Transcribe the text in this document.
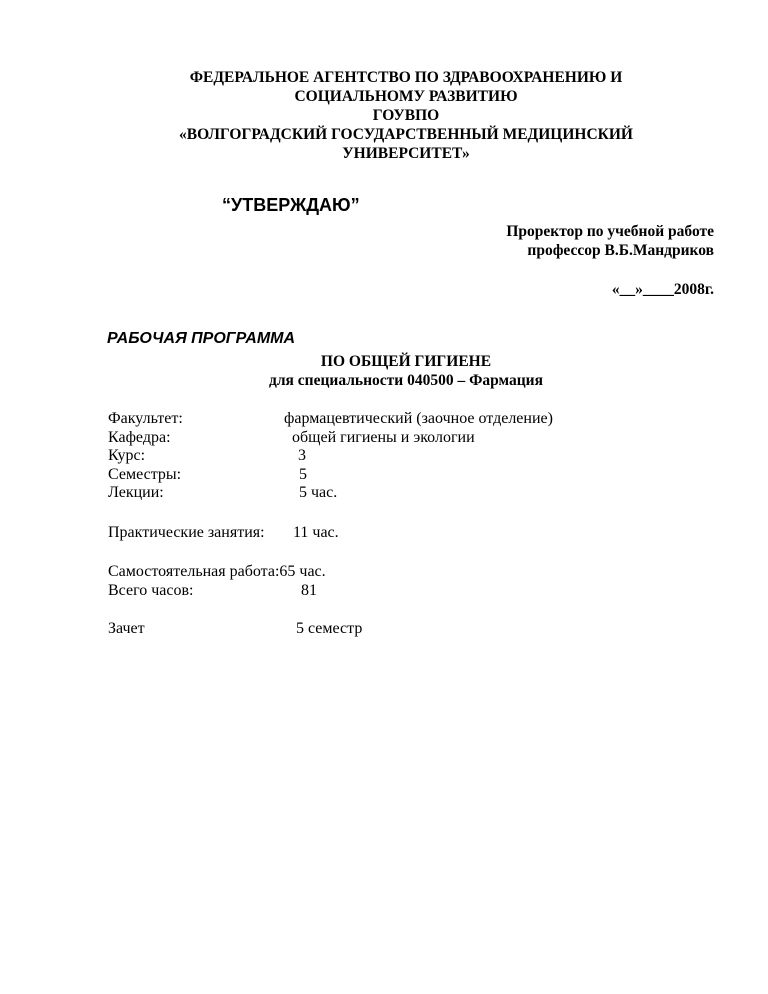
ФЕДЕРАЛЬНОЕ АГЕНТСТВО ПО ЗДРАВООХРАНЕНИЮ И
СОЦИАЛЬНОМУ РАЗВИТИЮ
ГОУВПО
«ВОЛГОГРАДСКИЙ ГОСУДАРСТВЕННЫЙ МЕДИЦИНСКИЙ
УНИВЕРСИТЕТ»
“УТВЕРЖДАЮ”
Проректор по учебной работе
профессор В.Б.Мандриков
«__»____2008г.
РАБОЧАЯ ПРОГРАММА
ПО ОБЩЕЙ ГИГИЕНЕ
для специальности 040500 – Фармация
Факультет:	фармацевтический (заочное отделение)
Кафедра:	общей гигиены и экологии
Курс:	3
Семестры:	5
Лекции:	5 час.
Практические занятия:	11 час.
Самостоятельная работа: 65 час.
Всего часов:	81
Зачет	5 семестр
